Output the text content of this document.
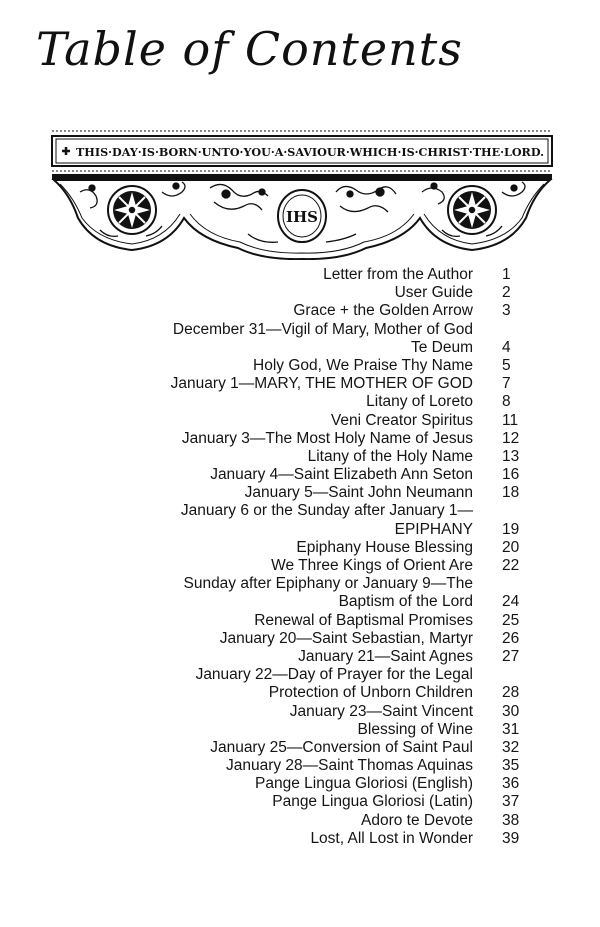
Table of Contents
THIS·DAY·IS·BORN·UNTO·YOU·A·SAVIOUR·WHICH·IS·CHRIST·THE·LORD.
IHS
Letter from the Author 1
User Guide 2
Grace + the Golden Arrow 3
December 31—Vigil of Mary, Mother of God
Te Deum 4
Holy God, We Praise Thy Name 5
January 1—MARY, THE MOTHER OF GOD 7
Litany of Loreto 8
Veni Creator Spiritus 11
January 3—The Most Holy Name of Jesus 12
Litany of the Holy Name 13
January 4—Saint Elizabeth Ann Seton 16
January 5—Saint John Neumann 18
January 6 or the Sunday after January 1—
EPIPHANY 19
Epiphany House Blessing 20
We Three Kings of Orient Are 22
Sunday after Epiphany or January 9—The
Baptism of the Lord 24
Renewal of Baptismal Promises 25
January 20—Saint Sebastian, Martyr 26
January 21—Saint Agnes 27
January 22—Day of Prayer for the Legal
Protection of Unborn Children 28
January 23—Saint Vincent 30
Blessing of Wine 31
January 25—Conversion of Saint Paul 32
January 28—Saint Thomas Aquinas 35
Pange Lingua Gloriosi (English) 36
Pange Lingua Gloriosi (Latin) 37
Adoro te Devote 38
Lost, All Lost in Wonder 39
